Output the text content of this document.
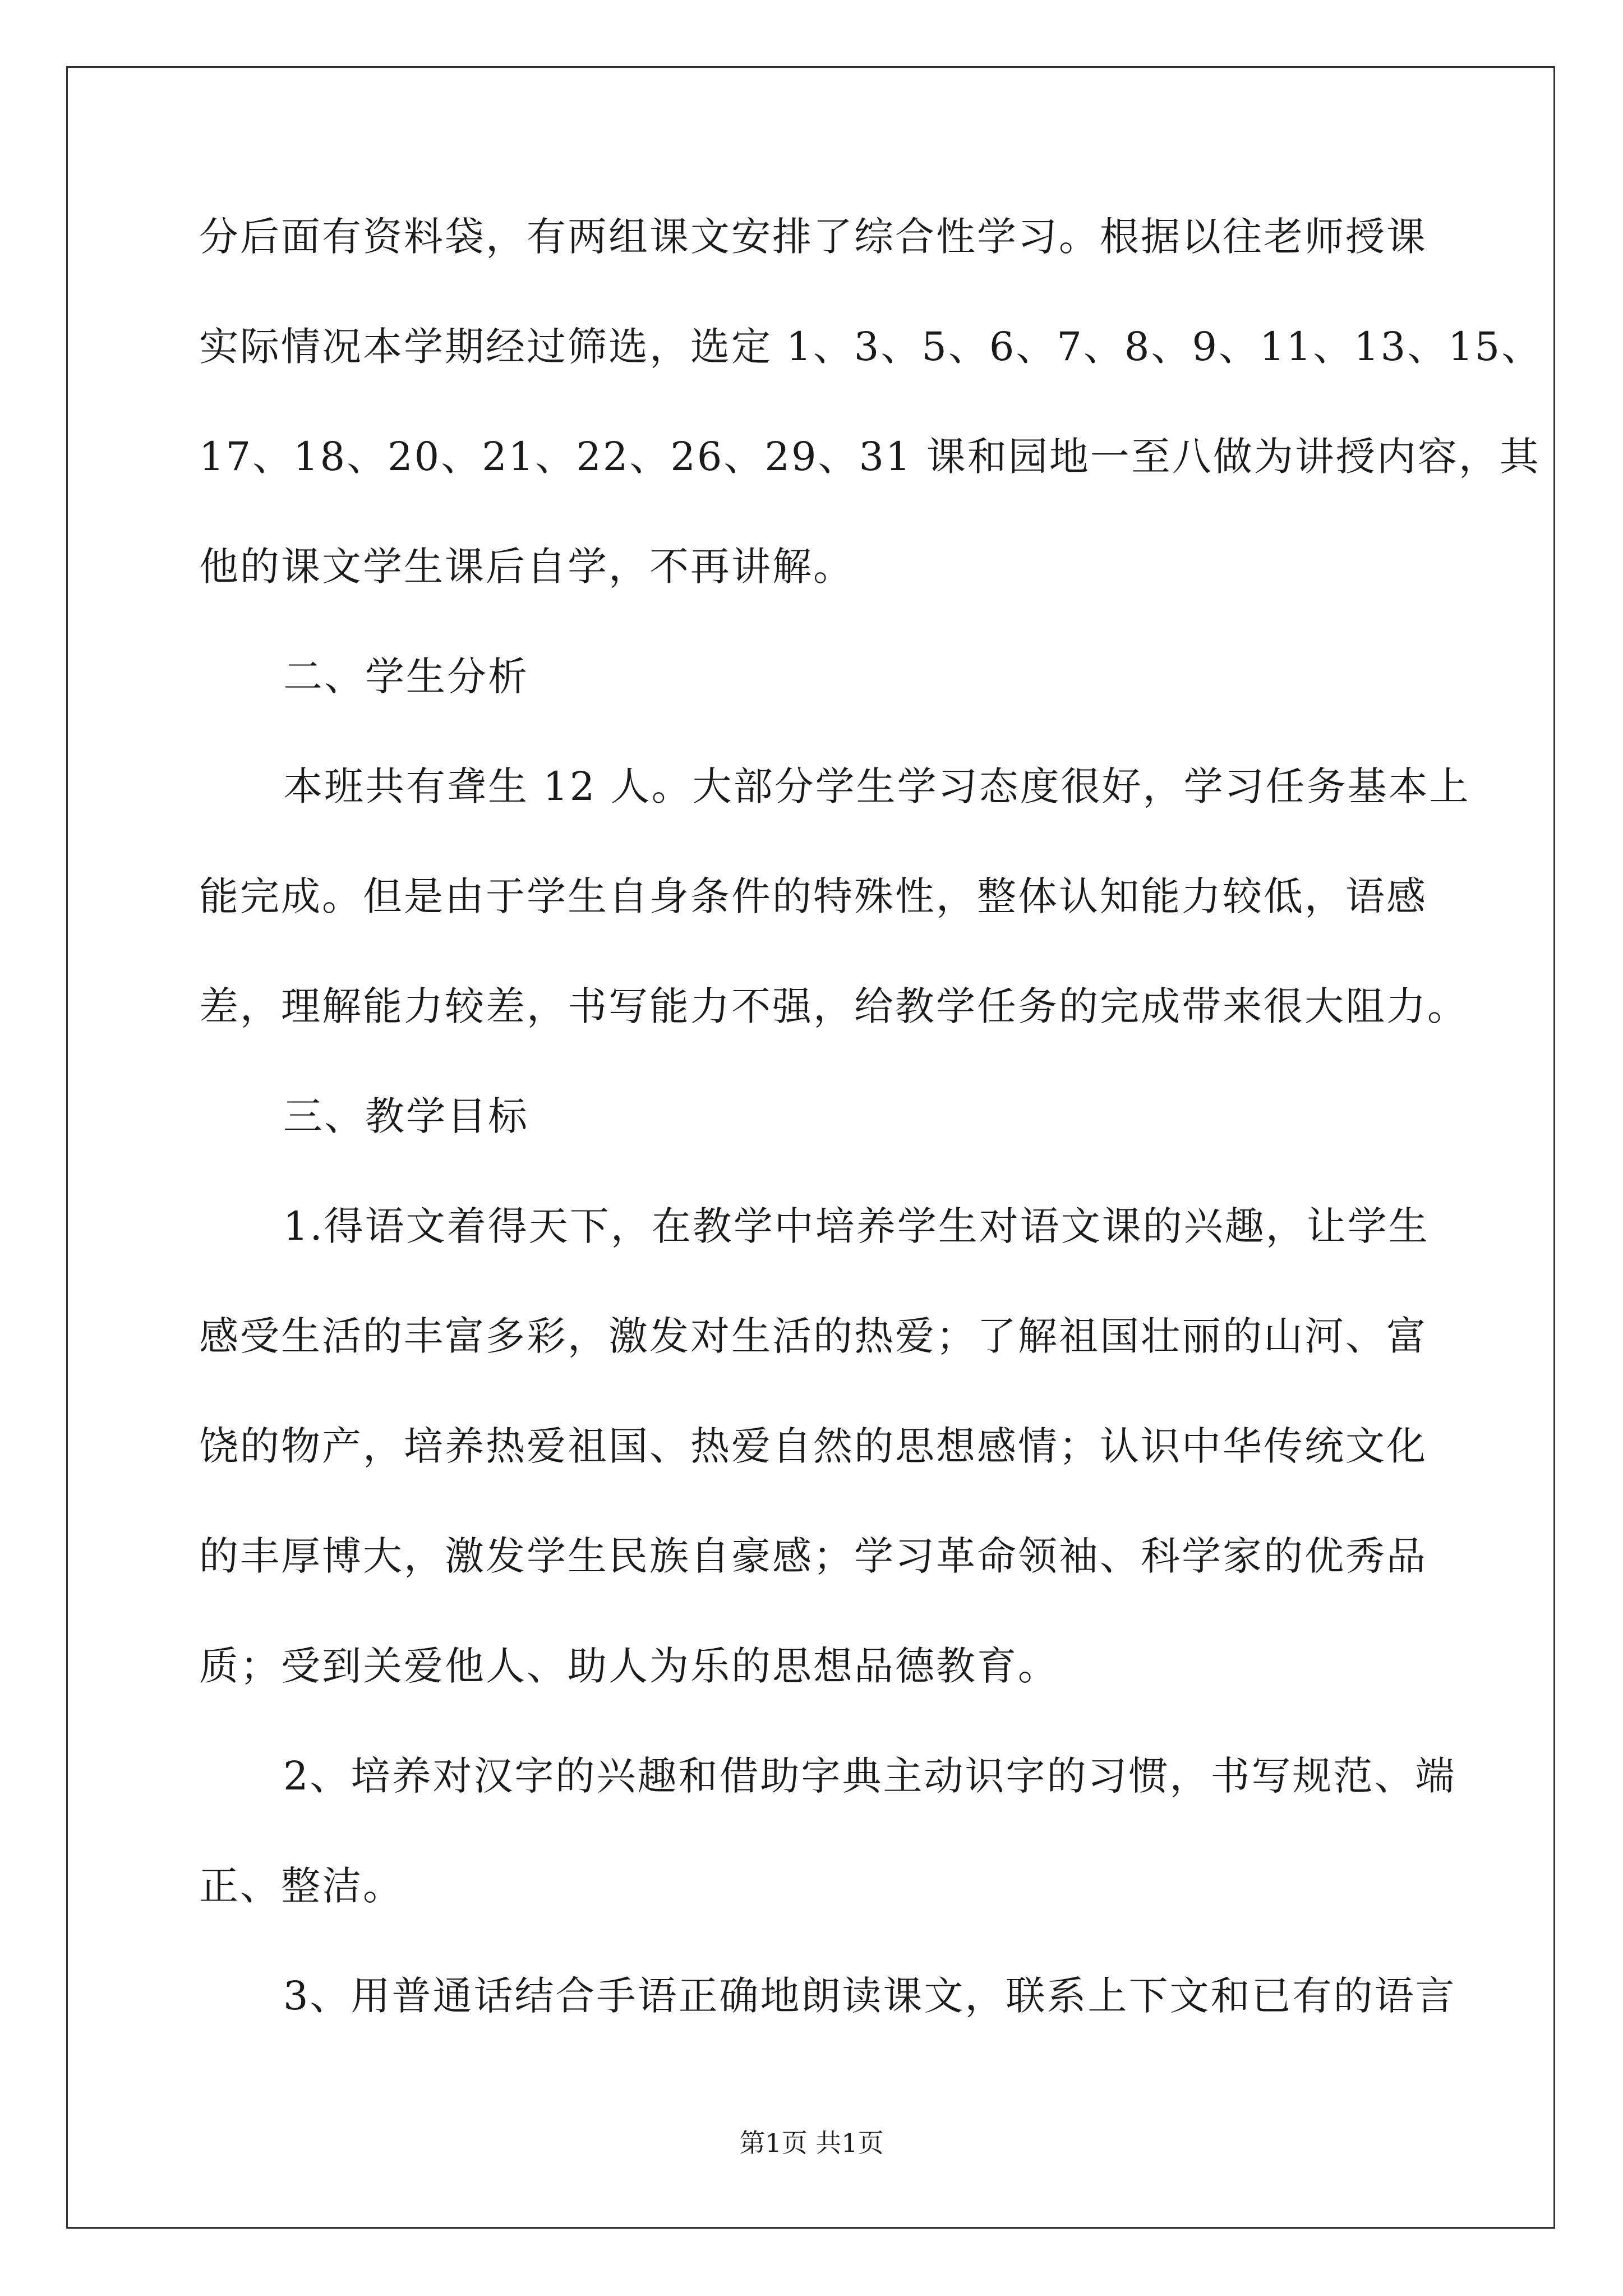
分后面有资料袋，有两组课文安排了综合性学习。根据以往老师授课
实际情况本学期经过筛选，选定 1、3、5、6、7、8、9、11、13、15、
17、18、20、21、22、26、29、31 课和园地一至八做为讲授内容，其
他的课文学生课后自学，不再讲解。
二、学生分析
本班共有聋生 12 人。大部分学生学习态度很好，学习任务基本上
能完成。但是由于学生自身条件的特殊性，整体认知能力较低，语感
差，理解能力较差，书写能力不强，给教学任务的完成带来很大阻力。
三、教学目标
1.得语文着得天下，在教学中培养学生对语文课的兴趣，让学生
感受生活的丰富多彩，激发对生活的热爱；了解祖国壮丽的山河、富
饶的物产，培养热爱祖国、热爱自然的思想感情；认识中华传统文化
的丰厚博大，激发学生民族自豪感；学习革命领袖、科学家的优秀品
质；受到关爱他人、助人为乐的思想品德教育。
2、培养对汉字的兴趣和借助字典主动识字的习惯，书写规范、端
正、整洁。
3、用普通话结合手语正确地朗读课文，联系上下文和已有的语言
第1页 共1页
